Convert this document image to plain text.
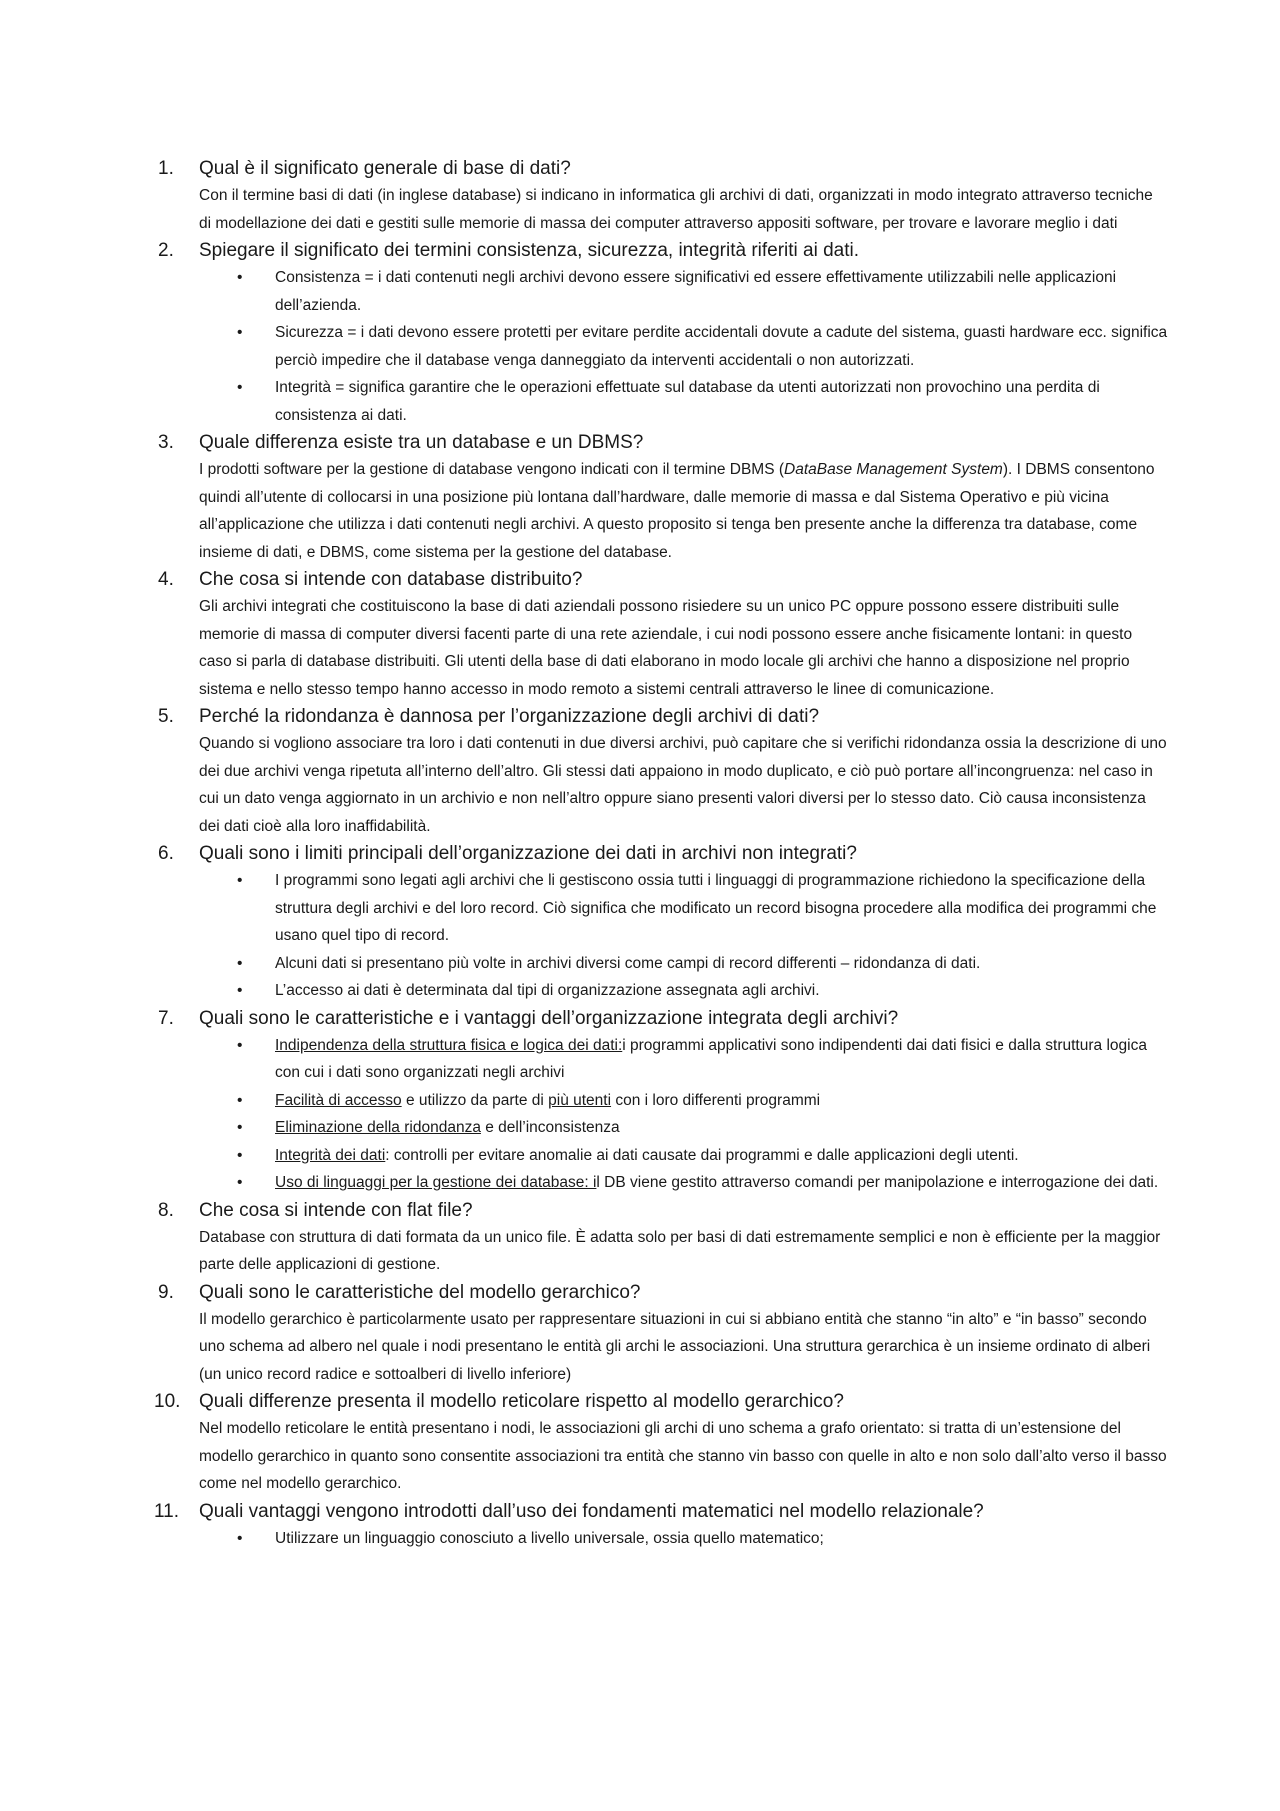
1. Qual è il significato generale di base di dati?
Con il termine basi di dati (in inglese database) si indicano in informatica gli archivi di dati, organizzati in modo integrato attraverso tecniche di modellazione dei dati e gestiti sulle memorie di massa dei computer attraverso appositi software, per trovare e lavorare meglio i dati
2. Spiegare il significato dei termini consistenza, sicurezza, integrità riferiti ai dati.
• Consistenza = i dati contenuti negli archivi devono essere significativi ed essere effettivamente utilizzabili nelle applicazioni dell’azienda.
• Sicurezza = i dati devono essere protetti per evitare perdite accidentali dovute a cadute del sistema, guasti hardware ecc. significa perciò impedire che il database venga danneggiato da interventi accidentali o non autorizzati.
• Integrità = significa garantire che le operazioni effettuate sul database da utenti autorizzati non provochino una perdita di consistenza ai dati.
3. Quale differenza esiste tra un database e un DBMS?
I prodotti software per la gestione di database vengono indicati con il termine DBMS (DataBase Management System). I DBMS consentono quindi all’utente di collocarsi in una posizione più lontana dall’hardware, dalle memorie di massa e dal Sistema Operativo e più vicina all’applicazione che utilizza i dati contenuti negli archivi. A questo proposito si tenga ben presente anche la differenza tra database, come insieme di dati, e DBMS, come sistema per la gestione del database.
4. Che cosa si intende con database distribuito?
Gli archivi integrati che costituiscono la base di dati aziendali possono risiedere su un unico PC oppure possono essere distribuiti sulle memorie di massa di computer diversi facenti parte di una rete aziendale, i cui nodi possono essere anche fisicamente lontani: in questo caso si parla di database distribuiti. Gli utenti della base di dati elaborano in modo locale gli archivi che hanno a disposizione nel proprio sistema e nello stesso tempo hanno accesso in modo remoto a sistemi centrali attraverso le linee di comunicazione.
5. Perché la ridondanza è dannosa per l’organizzazione degli archivi di dati?
Quando si vogliono associare tra loro i dati contenuti in due diversi archivi, può capitare che si verifichi ridondanza ossia la descrizione di uno dei due archivi venga ripetuta all’interno dell’altro. Gli stessi dati appaiono in modo duplicato, e ciò può portare all’incongruenza: nel caso in cui un dato venga aggiornato in un archivio e non nell’altro oppure siano presenti valori diversi per lo stesso dato. Ciò causa inconsistenza dei dati cioè alla loro inaffidabilità.
6. Quali sono i limiti principali dell’organizzazione dei dati in archivi non integrati?
• I programmi sono legati agli archivi che li gestiscono ossia tutti i linguaggi di programmazione richiedono la specificazione della struttura degli archivi e del loro record. Ciò significa che modificato un record bisogna procedere alla modifica dei programmi che usano quel tipo di record.
• Alcuni dati si presentano più volte in archivi diversi come campi di record differenti – ridondanza di dati.
• L’accesso ai dati è determinata dal tipi di organizzazione assegnata agli archivi.
7. Quali sono le caratteristiche e i vantaggi dell’organizzazione integrata degli archivi?
• Indipendenza della struttura fisica e logica dei dati:i programmi applicativi sono indipendenti dai dati fisici e dalla struttura logica con cui i dati sono organizzati negli archivi
• Facilità di accesso e utilizzo da parte di più utenti con i loro differenti programmi
• Eliminazione della ridondanza e dell’inconsistenza
• Integrità dei dati: controlli per evitare anomalie ai dati causate dai programmi e dalle applicazioni degli utenti.
• Uso di linguaggi per la gestione dei database: il DB viene gestito attraverso comandi per manipolazione e interrogazione dei dati.
8. Che cosa si intende con flat file?
Database con struttura di dati formata da un unico file. È adatta solo per basi di dati estremamente semplici e non è efficiente per la maggior parte delle applicazioni di gestione.
9. Quali sono le caratteristiche del modello gerarchico?
Il modello gerarchico è particolarmente usato per rappresentare situazioni in cui si abbiano entità che stanno “in alto” e “in basso” secondo uno schema ad albero nel quale i nodi presentano le entità gli archi le associazioni. Una struttura gerarchica è un insieme ordinato di alberi (un unico record radice e sottoalberi di livello inferiore)
10. Quali differenze presenta il modello reticolare rispetto al modello gerarchico?
Nel modello reticolare le entità presentano i nodi, le associazioni gli archi di uno schema a grafo orientato: si tratta di un’estensione del modello gerarchico in quanto sono consentite associazioni tra entità che stanno vin basso con quelle in alto e non solo dall’alto verso il basso come nel modello gerarchico.
11. Quali vantaggi vengono introdotti dall’uso dei fondamenti matematici nel modello relazionale?
• Utilizzare un linguaggio conosciuto a livello universale, ossia quello matematico;
